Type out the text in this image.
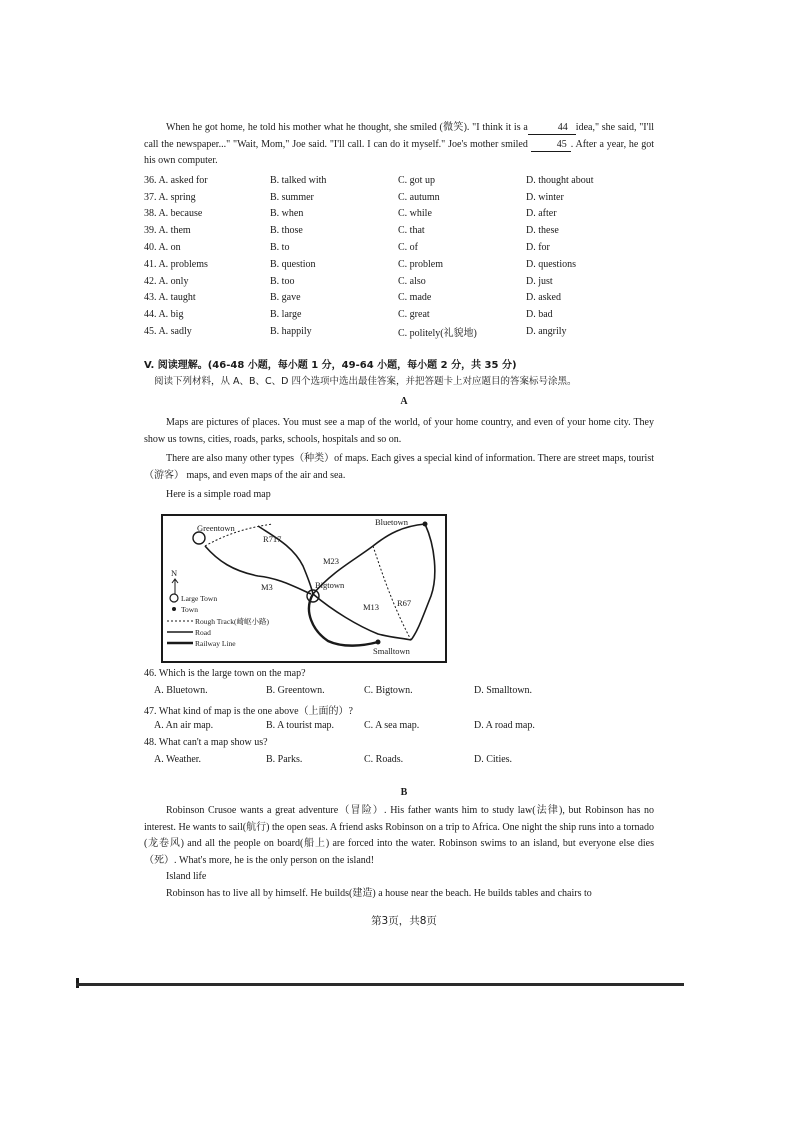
When he got home, he told his mother what he thought, she smiled (微笑). "I think it is a	44 idea," she said, "I'll call the newspaper..." "Wait, Mom," Joe said. "I'll call. I can do it myself." Joe's mother smiled	45 . After a year, he got his own computer.
36. A. asked for	B. talked with	C. got up	D. thought about
37. A. spring	B. summer	C. autumn	D. winter
38. A. because	B. when	C. while	D. after
39. A. them	B. those	C. that	D. these
40. A. on	B. to	C. of	D. for
41. A. problems	B. question	C. problem	D. questions
42. A. only	B. too	C. also	D. just
43. A. taught	B. gave	C. made	D. asked
44. A. big	B. large	C. great	D. bad
45. A. sadly	B. happily	C. politely(礼貌地)	D. angrily
V. 阅读理解。(46-48 小题，每小题 1 分，49-64 小题，每小题 2 分，共 35 分)
阅读下列材料，从 A、B、C、D 四个选项中选出最佳答案，并把答题卡上对应题目的答案标号涂黑。
A
Maps are pictures of places. You must see a map of the world, of your home country, and even of your home city. They show us towns, cities, roads, parks, schools, hospitals and so on.
There are also many other types（种类）of maps. Each gives a special kind of information. There are street maps, tourist（游客） maps, and even maps of the air and sea.
Here is a simple road map
Greentown
Bluetown
Bigtown
Smalltown
R717
M23
M3
M13 R67
N
Large Town
Town
Rough Track(崎岖小路)
Road
Railway Line
46. Which is the large town on the map?
A. Bluetown.	B. Greentown.	C. Bigtown.	D. Smalltown.
47. What kind of map is the one above（上面的）?
A. An air map.	B. A tourist map.	C. A sea map.	D. A road map.
48. What can't a map show us?
A. Weather.	B. Parks.	C. Roads.	D. Cities.
B
Robinson Crusoe wants a great adventure（冒险）. His father wants him to study law(法律), but Robinson has no interest. He wants to sail(航行) the open seas. A friend asks Robinson on a trip to Africa. One night the ship runs into a tornado (龙卷风) and all the people on board(船上) are forced into the water. Robinson swims to an island, but everyone else dies（死）. What's more, he is the only person on the island!
Island life
Robinson has to live all by himself. He builds(建造) a house near the beach. He builds tables and chairs to
第3页，共8页
